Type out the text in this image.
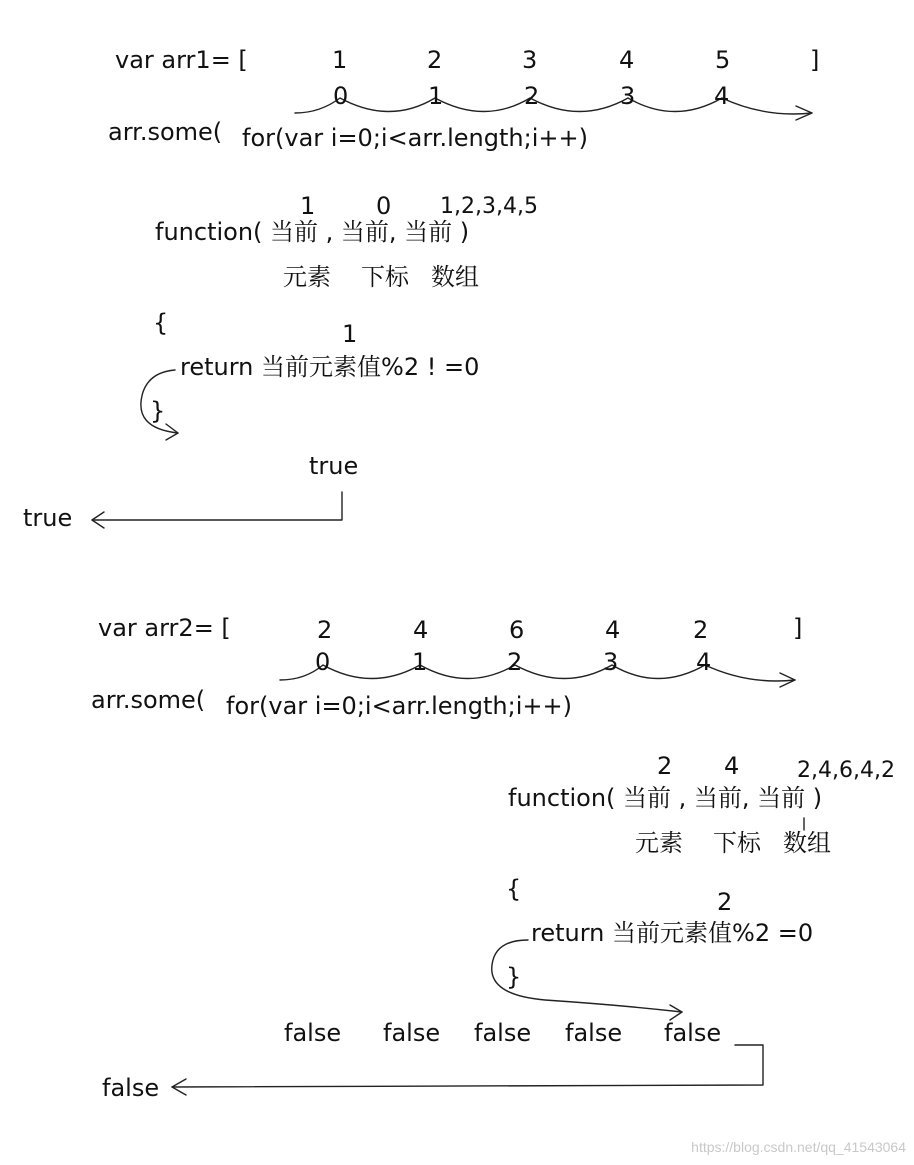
var arr1= [	]
1	2	3	4	5
0	1	2	3	4
arr.some( for(var i=0;i<arr.length;i++)
1	0 1,2,3,4,5
function( 当前 , 当前, 当前 )
元素 下标 数组
{	1
return 当前元素值%2 ! =0
}
true
true
var arr2= [	]
2	4	6	4	2
0	1	2	3	4
arr.some( for(var i=0;i<arr.length;i++)
2 4	2,4,6,4,2
function( 当前 , 当前, 当前 )
元素 下标 数组
{	2
return 当前元素值%2 =0
}
false false false false false
false
https://blog.csdn.net/qq_41543064
